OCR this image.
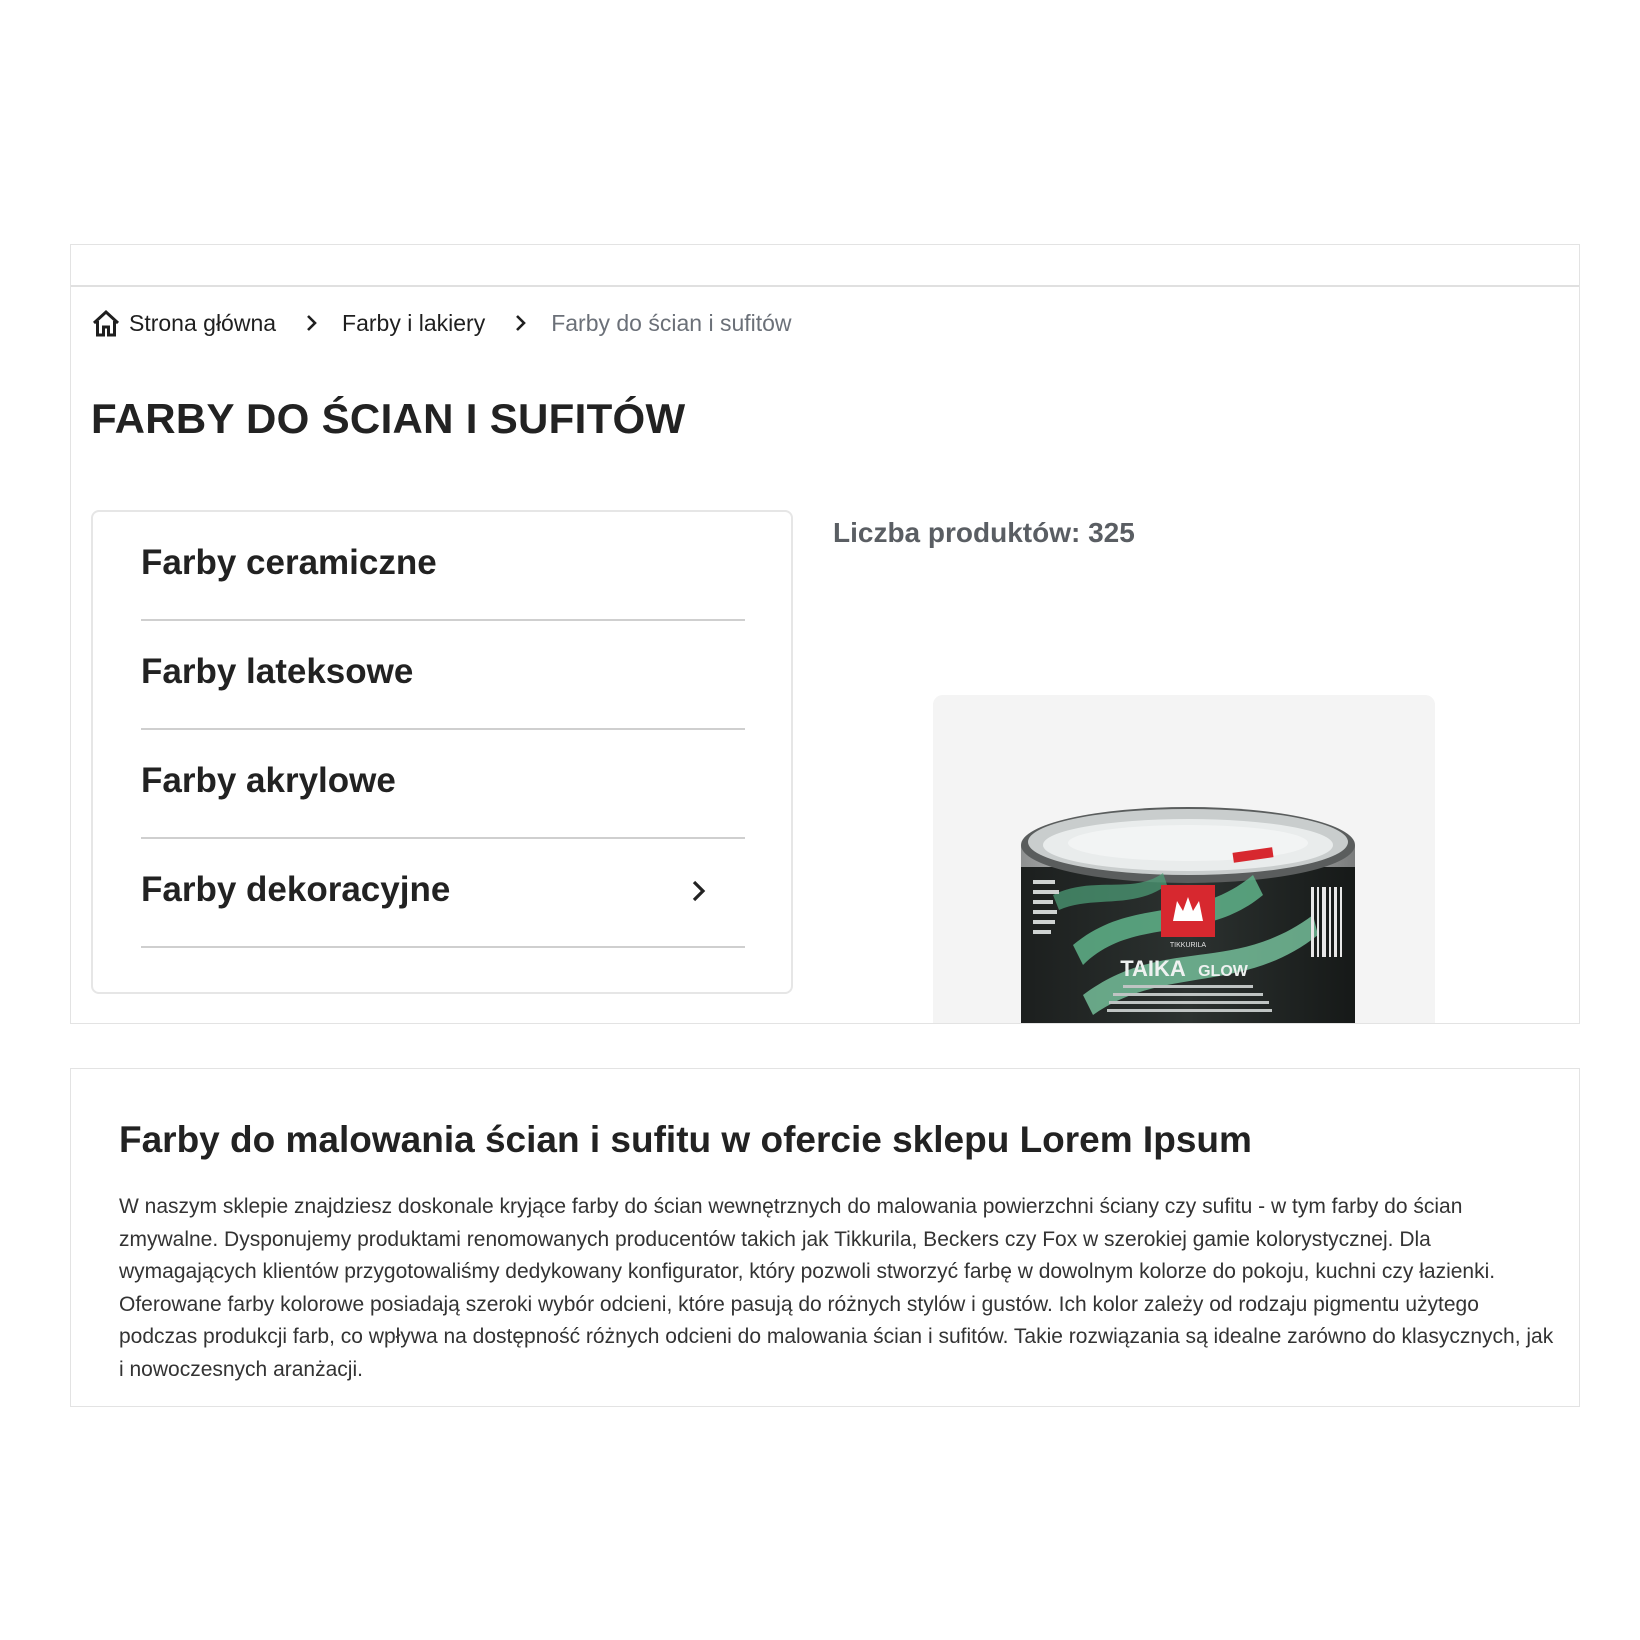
Strona główna	Farby i lakiery	Farby do ścian i sufitów
FARBY DO ŚCIAN I SUFITÓW
Farby ceramiczne
Farby lateksowe
Farby akrylowe
Farby dekoracyjne
Liczba produktów: 325
TIKKURILA
TAIKA GLOW
Farby do malowania ścian i sufitu w ofercie sklepu Lorem Ipsum

W naszym sklepie znajdziesz doskonale kryjące farby do ścian wewnętrznych do malowania powierzchni ściany czy sufitu - w tym farby do ścian zmywalne. Dysponujemy produktami renomowanych producentów takich jak Tikkurila, Beckers czy Fox w szerokiej gamie kolorystycznej. Dla wymagających klientów przygotowaliśmy dedykowany konfigurator, który pozwoli stworzyć farbę w dowolnym kolorze do pokoju, kuchni czy łazienki. Oferowane farby kolorowe posiadają szeroki wybór odcieni, które pasują do różnych stylów i gustów. Ich kolor zależy od rodzaju pigmentu użytego podczas produkcji farb, co wpływa na dostępność różnych odcieni do malowania ścian i sufitów. Takie rozwiązania są idealne zarówno do klasycznych, jak i nowoczesnych aranżacji.
